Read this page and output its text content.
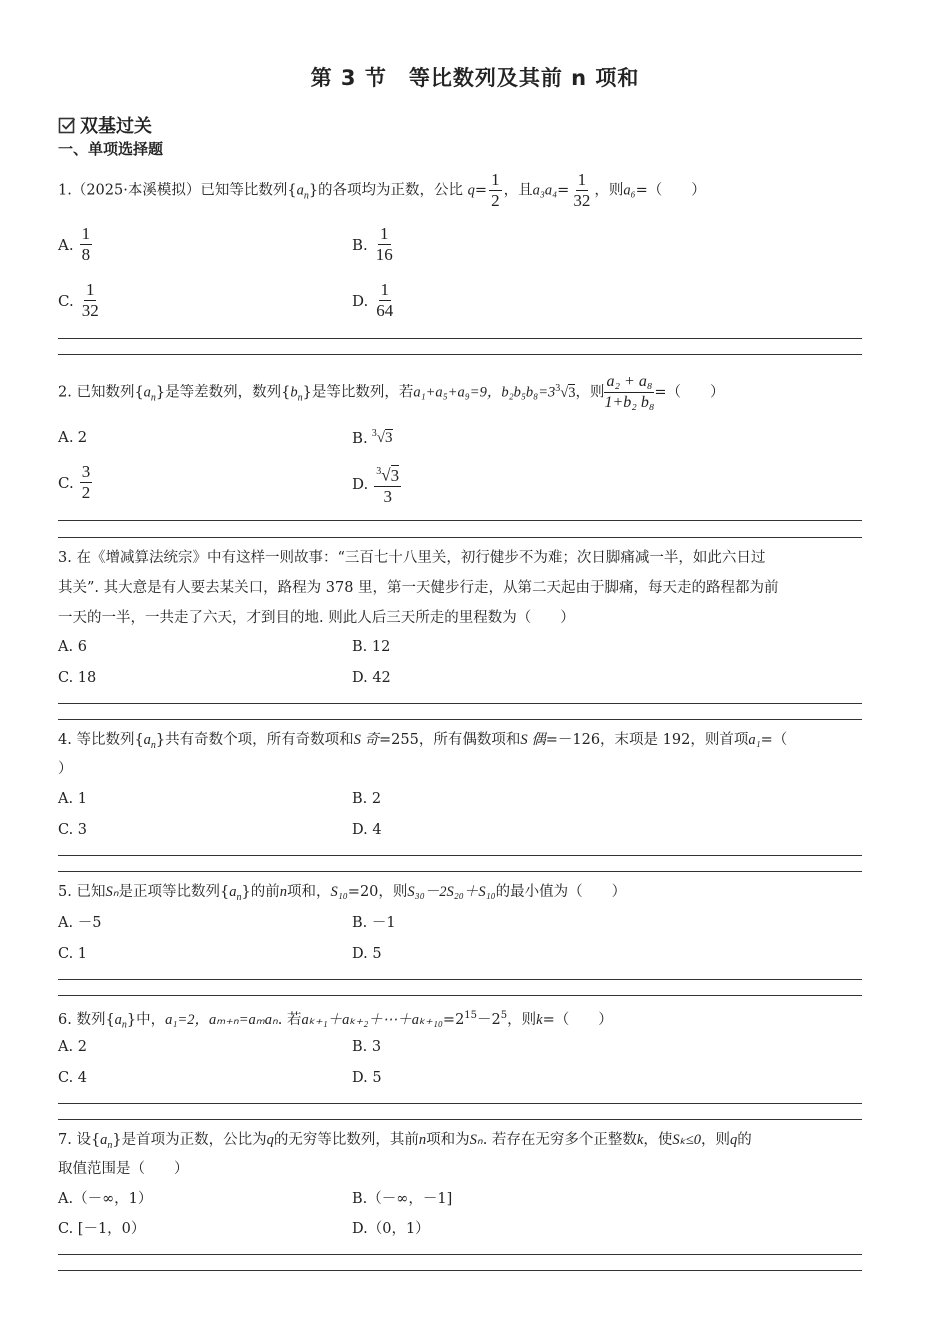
第 3 节　等比数列及其前 n 项和
双基过关
一、单项选择题
1.（2025·本溪模拟）已知等比数列$\{a_n\}$的各项均为正数，公比 $q= \frac{1}{2}$ ，且$a_3a_4= \frac{1}{32}$ ，则a₆=（　　）
A. $\frac{1}{8}$	B. $\frac{1}{16}$
C. $\frac{1}{32}$	D. $\frac{1}{64}$
2. 已知数列$\{a_n\}$是等差数列，数列$\{b_n\}$是等比数列，若a₁+a₅+a₉=9，$b_2b_5b_8=3^3√3$，则 $\frac{\text{a₂ + a₈}}{\text{1+b₂ b₈}}$ =（　　）
A. 2	B. $^3$√3
C. $\frac{3}{2}$	D. $\frac{^3√3}{3}$
3. 在《增减算法统宗》中有这样一则故事：“三百七十八里关，初行健步不为难；次日脚痛减一半，如此六日过
其关”. 其大意是有人要去某关口，路程为 378 里，第一天健步行走，从第二天起由于脚痛，每天走的路程都为前
一天的一半，一共走了六天，才到目的地. 则此人后三天所走的里程数为（　　）
A. 6	B. 12
C. 18	D. 42
4. 等比数列$\{a_n\}$共有奇数个项，所有奇数项和S 奇=255，所有偶数项和S 偶=－126，末项是 192，则首项a₁=（
）
A. 1	B. 2
C. 3	D. 4
5. 已知Sₙ是正项等比数列$\{a_n\}$的前n项和，S₁₀=20，则S₃₀－2S₂₀＋S₁₀的最小值为（　　）
A. －5	B. －1
C. 1	D. 5
6. 数列$\{a_n\}$中，a₁=2，aₘ₊ₙ=aₘaₙ. 若$a_{k+1}+a_{k+2}+\cdots+a_{k+10}=2^{15}-2^5$，则k=（　　）
A. 2	B. 3
C. 4	D. 5
7. 设$\{a_n\}$是首项为正数，公比为q的无穷等比数列，其前n项和为Sₙ. 若存在无穷多个正整数k，使Sₖ≤0，则q的
取值范围是（　　）
A.（－∞，1）	B.（－∞，－1]
C. [－1，0）	D.（0，1）
